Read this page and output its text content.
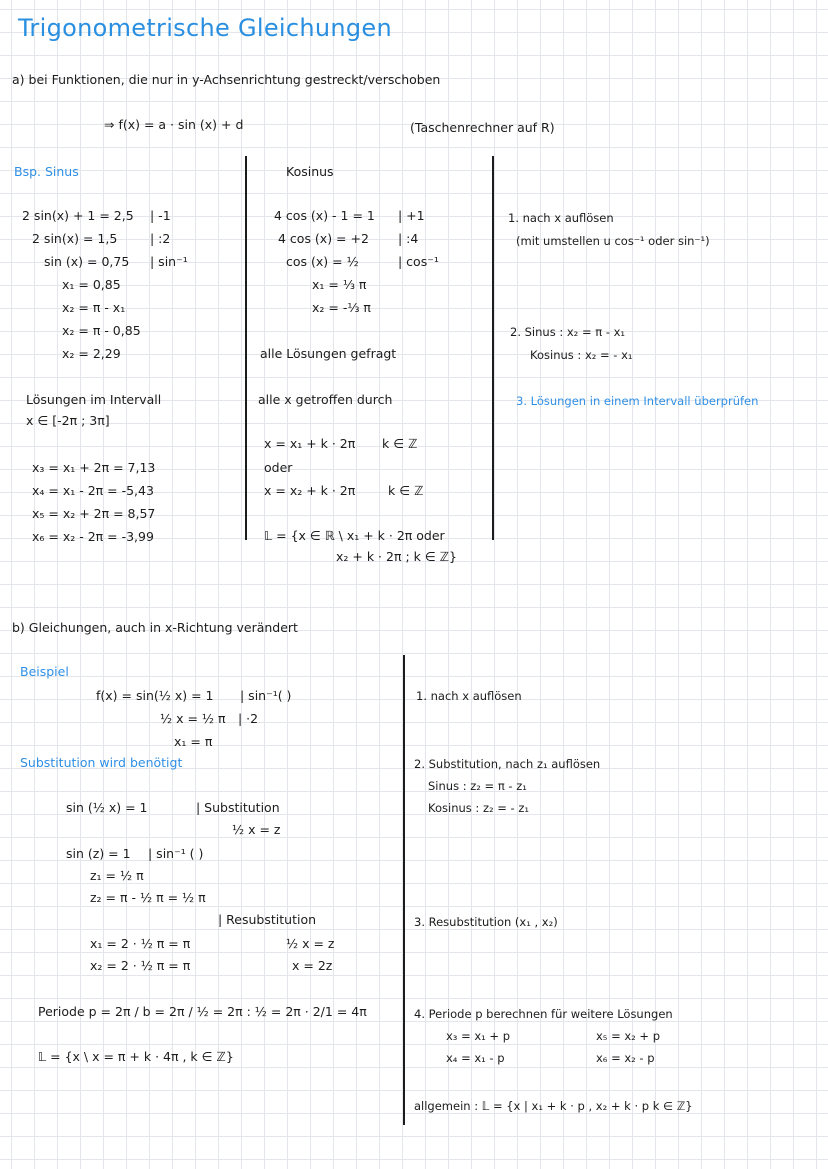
Trigonometrische Gleichungen
a) bei Funktionen, die nur in y-Achsenrichtung gestreckt/verschoben
⇒ f(x) = a · sin (x) + d	(Taschenrechner auf R)
Bsp. Sinus	Kosinus
2 sin(x) + 1 = 2,5 | -1
2 sin(x) = 1,5	| :2
sin (x) = 0,75 | sin⁻¹
x₁ = 0,85
x₂ = π - x₁
x₂ = π - 0,85
x₂ = 2,29
4 cos (x) - 1 = 1 | +1
4 cos (x) = +2 | :4
cos (x) = ½	| cos⁻¹
x₁ = ⅓ π
x₂ = -⅓ π
alle Lösungen gefragt
alle x getroffen durch
x = x₁ + k · 2π k ∈ ℤ
oder
x = x₂ + k · 2π	k ∈ ℤ
𝕃 = {x ∈ ℝ \ x₁ + k · 2π oder
x₂ + k · 2π ; k ∈ ℤ}
Lösungen im Intervall
x ∈ [-2π ; 3π]
x₃ = x₁ + 2π = 7,13
x₄ = x₁ - 2π = -5,43
x₅ = x₂ + 2π = 8,57
x₆ = x₂ - 2π = -3,99
1. nach x auflösen
(mit umstellen u cos⁻¹ oder sin⁻¹)
2. Sinus : x₂ = π - x₁
Kosinus : x₂ = - x₁
3. Lösungen in einem Intervall überprüfen
b) Gleichungen, auch in x-Richtung verändert
Beispiel
f(x) = sin(½ x) = 1 | sin⁻¹( )
½ x = ½ π | ·2
x₁ = π
Substitution wird benötigt
sin (½ x) = 1	| Substitution
½ x = z
sin (z) = 1 | sin⁻¹ ( )
z₁ = ½ π
z₂ = π - ½ π = ½ π
| Resubstitution
½ x = z
x = 2z
x₁ = 2 · ½ π = π
x₂ = 2 · ½ π = π
Periode p = 2π / b = 2π / ½ = 2π : ½ = 2π · 2/1 = 4π
𝕃 = {x \ x = π + k · 4π , k ∈ ℤ}
1. nach x auflösen
2. Substitution, nach z₁ auflösen
Sinus : z₂ = π - z₁
Kosinus : z₂ = - z₁
3. Resubstitution (x₁ , x₂)
4. Periode p berechnen für weitere Lösungen
x₃ = x₁ + p	x₅ = x₂ + p
x₄ = x₁ - p	x₆ = x₂ - p
allgemein : 𝕃 = {x | x₁ + k · p , x₂ + k · p k ∈ ℤ}
